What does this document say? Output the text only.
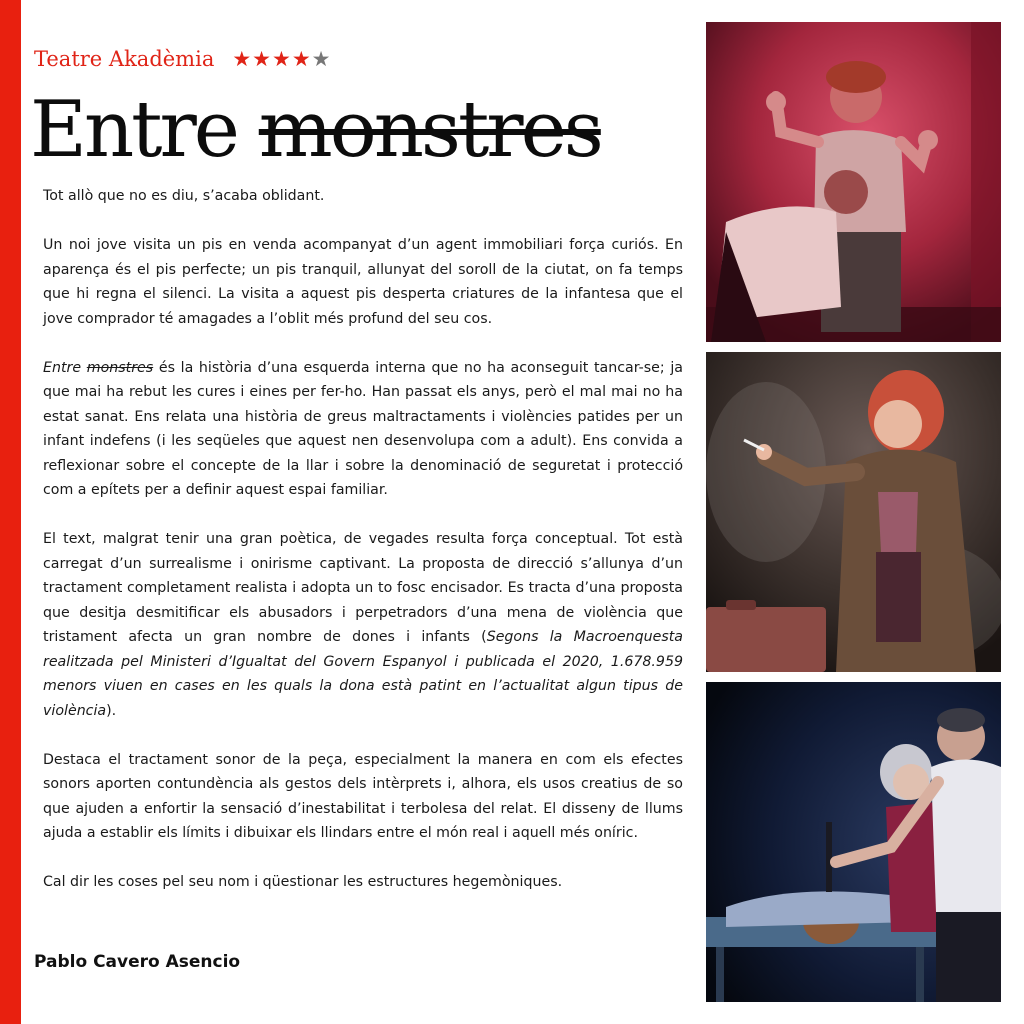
Teatre Akadèmia ★★★★★
Entre monstres

Tot allò que no es diu, s’acaba oblidant.

Un noi jove visita un pis en venda acompanyat d’un agent immobiliari força curiós. En aparença és el pis perfecte; un pis tranquil, allunyat del soroll de la ciutat, on fa temps que hi regna el silenci. La visita a aquest pis desperta criatures de la infantesa que el jove comprador té amagades a l’oblit més profund del seu cos.

Entre monstres és la història d’una esquerda interna que no ha aconseguit tancar-se; ja que mai ha rebut les cures i eines per fer-ho. Han passat els anys, però el mal mai no ha estat sanat. Ens relata una història de greus maltractaments i violències patides per un infant indefens (i les seqüeles que aquest nen desenvolupa com a adult). Ens convida a reflexionar sobre el concepte de la llar i sobre la denominació de seguretat i protecció com a epítets per a definir aquest espai familiar.

El text, malgrat tenir una gran poètica, de vegades resulta força conceptual. Tot està carregat d’un surrealisme i onirisme captivant. La proposta de direcció s’allunya d’un tractament completament realista i adopta un to fosc encisador. Es tracta d’una proposta que desitja desmitificar els abusadors i perpetradors d’una mena de violència que tristament afecta un gran nombre de dones i infants (Segons la Macroenquesta realitzada pel Ministeri d’Igualtat del Govern Espanyol i publicada el 2020, 1.678.959 menors viuen en cases en les quals la dona està patint en l’actualitat algun tipus de violència).

Destaca el tractament sonor de la peça, especialment la manera en com els efectes sonors aporten contundència als gestos dels intèrprets i, alhora, els usos creatius de so que ajuden a enfortir la sensació d’inestabilitat i terbolesa del relat. El disseny de llums ajuda a establir els límits i dibuixar els llindars entre el món real i aquell més oníric.

Cal dir les coses pel seu nom i qüestionar les estructures hegemòniques.

Pablo Cavero Asencio
